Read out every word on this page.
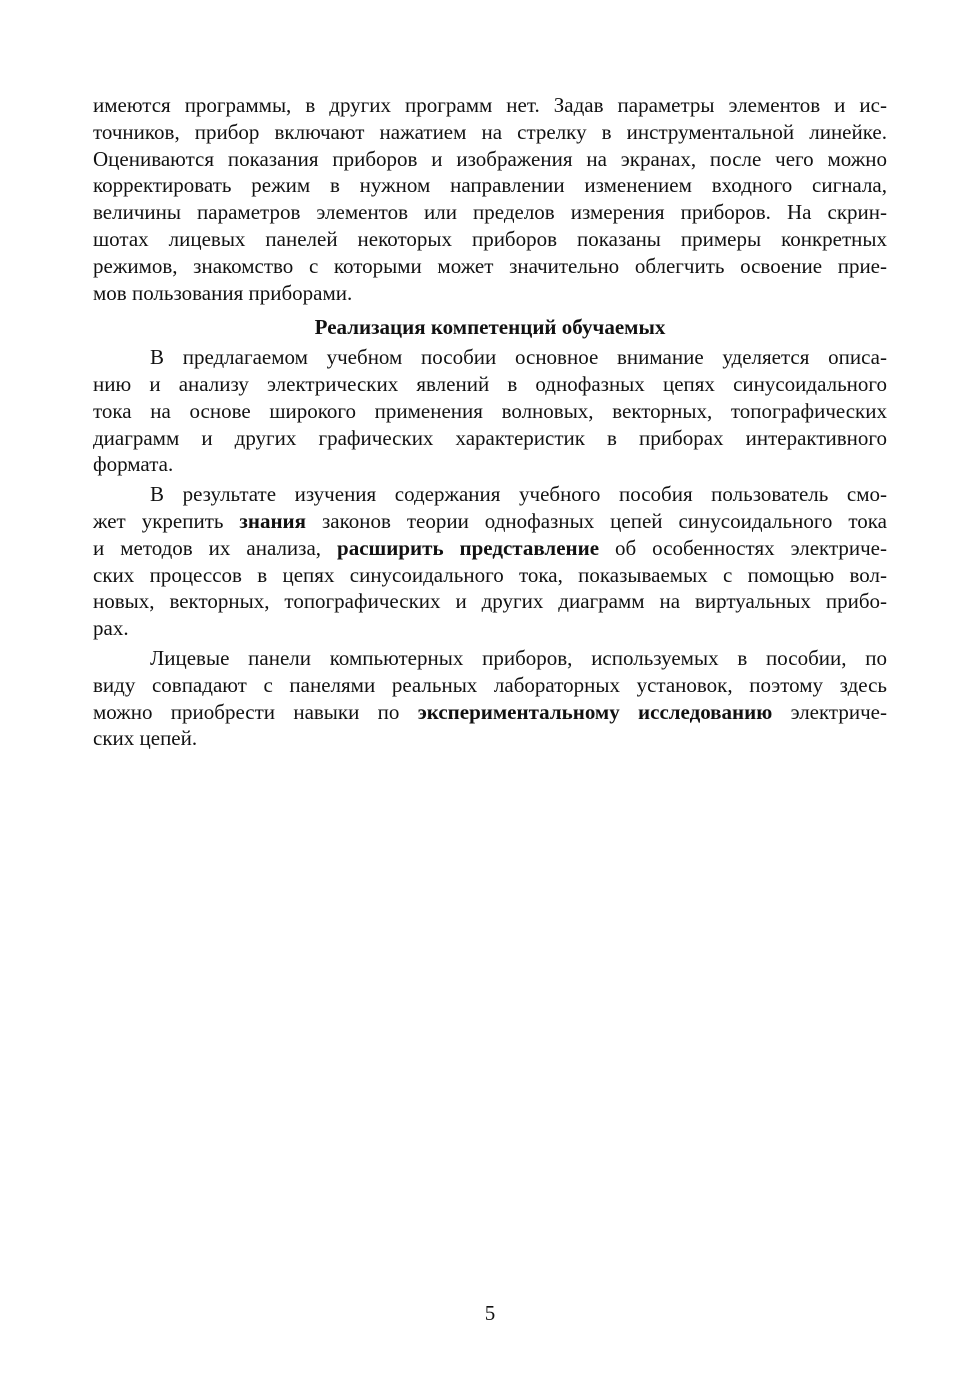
имеются программы, в других программ нет. Задав параметры элементов и ис-
точников, прибор включают нажатием на стрелку в инструментальной линейке.
Оцениваются показания приборов и изображения на экранах, после чего можно
корректировать режим в нужном направлении изменением входного сигнала,
величины параметров элементов или пределов измерения приборов. На скрин-
шотах лицевых панелей некоторых приборов показаны примеры конкретных
режимов, знакомство с которыми может значительно облегчить освоение прие-
мов пользования приборами.
Реализация компетенций обучаемых
В предлагаемом учебном пособии основное внимание уделяется описа-
нию и анализу электрических явлений в однофазных цепях синусоидального
тока на основе широкого применения волновых, векторных, топографических
диаграмм и других графических характеристик в приборах интерактивного
формата.
В результате изучения содержания учебного пособия пользователь смо-
жет укрепить знания законов теории однофазных цепей синусоидального тока
и методов их анализа, расширить представление об особенностях электриче-
ских процессов в цепях синусоидального тока, показываемых с помощью вол-
новых, векторных, топографических и других диаграмм на виртуальных прибо-
рах.
Лицевые панели компьютерных приборов, используемых в пособии, по
виду совпадают с панелями реальных лабораторных установок, поэтому здесь
можно приобрести навыки по экспериментальному исследованию электриче-
ских цепей.
5
